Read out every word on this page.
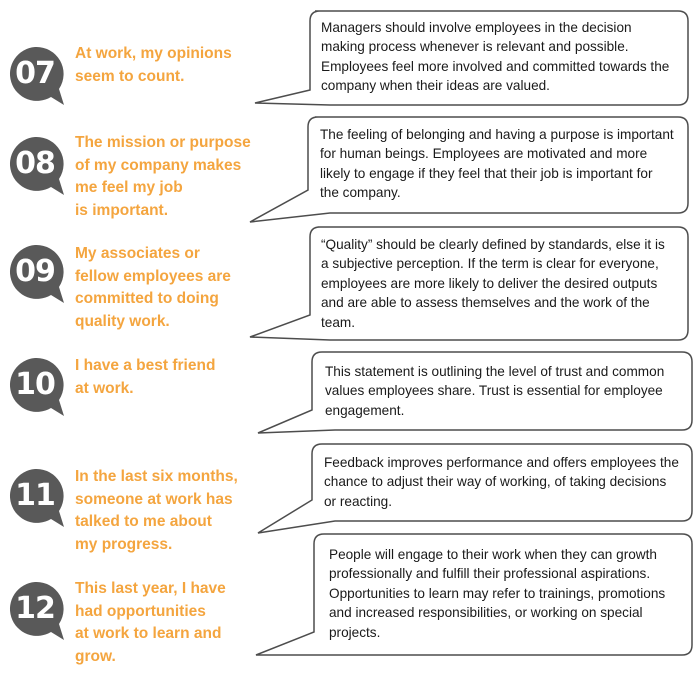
07
At work, my opinions
seem to count.
Managers should involve employees in the decision
making process whenever is relevant and possible.
Employees feel more involved and committed towards the
company when their ideas are valued.
08
The mission or purpose
of my company makes
me feel my job
is important.
The feeling of belonging and having a purpose is important
for human beings. Employees are motivated and more
likely to engage if they feel that their job is important for
the company.
09
My associates or
fellow employees are
committed to doing
quality work.
“Quality” should be clearly defined by standards, else it is
a subjective perception. If the term is clear for everyone,
employees are more likely to deliver the desired outputs
and are able to assess themselves and the work of the
team.
10
I have a best friend
at work.
This statement is outlining the level of trust and common
values employees share. Trust is essential for employee
engagement.
11
In the last six months,
someone at work has
talked to me about
my progress.
Feedback improves performance and offers employees the
chance to adjust their way of working, of taking decisions
or reacting.
12
This last year, I have
had opportunities
at work to learn and
grow.
People will engage to their work when they can growth
professionally and fulfill their professional aspirations.
Opportunities to learn may refer to trainings, promotions
and increased responsibilities, or working on special
projects.
